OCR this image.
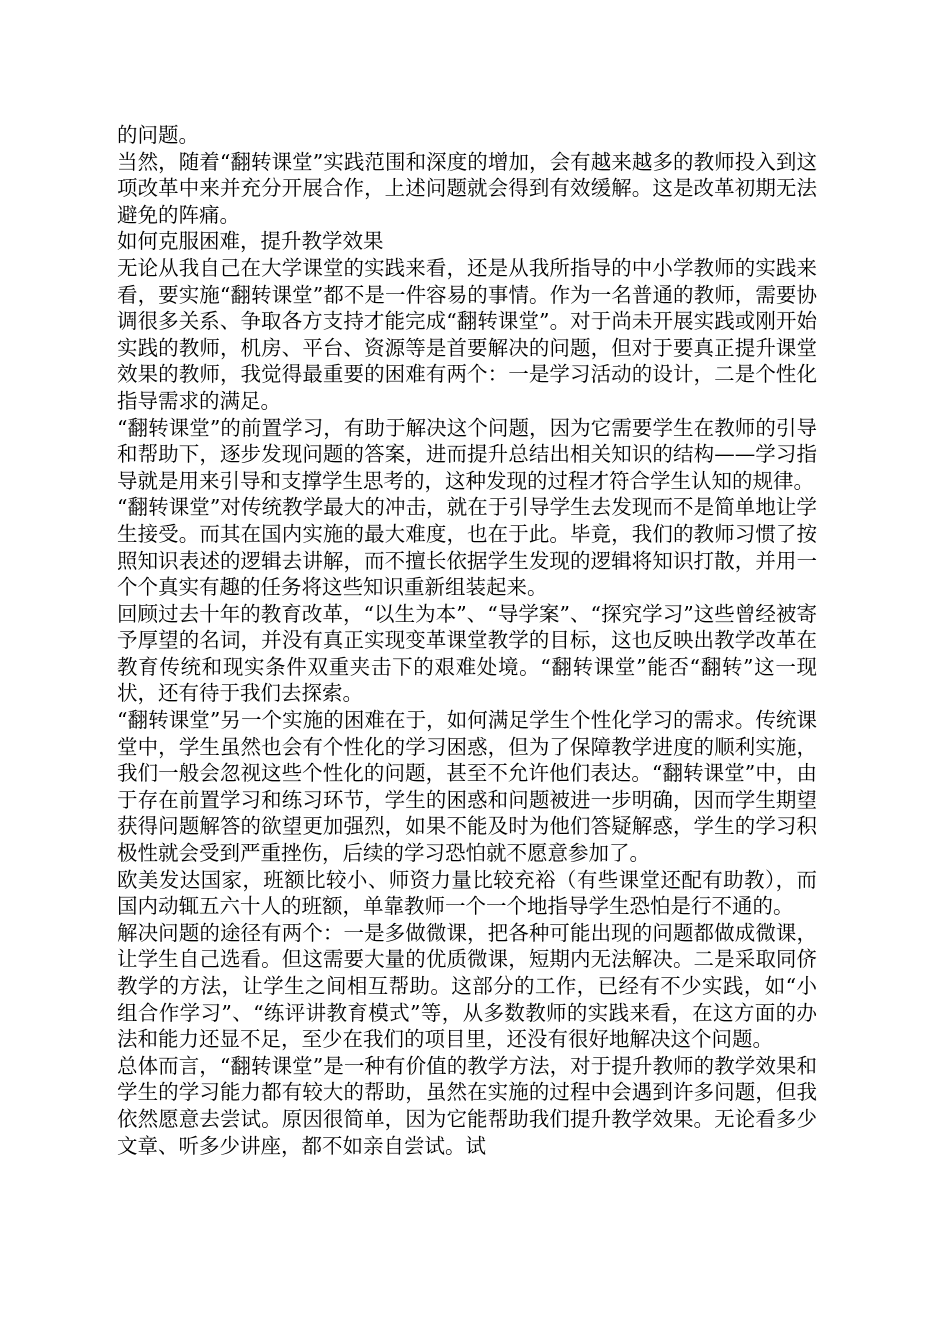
的问题。

当然，随着“翻转课堂”实践范围和深度的增加，会有越来越多的教师投入到这项改革中来并充分开展合作，上述问题就会得到有效缓解。这是改革初期无法避免的阵痛。

如何克服困难，提升教学效果

无论从我自己在大学课堂的实践来看，还是从我所指导的中小学教师的实践来看，要实施“翻转课堂”都不是一件容易的事情。作为一名普通的教师，需要协调很多关系、争取各方支持才能完成“翻转课堂”。对于尚未开展实践或刚开始实践的教师，机房、平台、资源等是首要解决的问题，但对于要真正提升课堂效果的教师，我觉得最重要的困难有两个：一是学习活动的设计，二是个性化指导需求的满足。

“翻转课堂”的前置学习，有助于解决这个问题，因为它需要学生在教师的引导和帮助下，逐步发现问题的答案，进而提升总结出相关知识的结构——学习指导就是用来引导和支撑学生思考的，这种发现的过程才符合学生认知的规律。

“翻转课堂”对传统教学最大的冲击，就在于引导学生去发现而不是简单地让学生接受。而其在国内实施的最大难度，也在于此。毕竟，我们的教师习惯了按照知识表述的逻辑去讲解，而不擅长依据学生发现的逻辑将知识打散，并用一个个真实有趣的任务将这些知识重新组装起来。

回顾过去十年的教育改革，“以生为本”、“导学案”、“探究学习”这些曾经被寄予厚望的名词，并没有真正实现变革课堂教学的目标，这也反映出教学改革在教育传统和现实条件双重夹击下的艰难处境。“翻转课堂”能否“翻转”这一现状，还有待于我们去探索。

“翻转课堂”另一个实施的困难在于，如何满足学生个性化学习的需求。传统课堂中，学生虽然也会有个性化的学习困惑，但为了保障教学进度的顺利实施，我们一般会忽视这些个性化的问题，甚至不允许他们表达。“翻转课堂”中，由于存在前置学习和练习环节，学生的困惑和问题被进一步明确，因而学生期望获得问题解答的欲望更加强烈，如果不能及时为他们答疑解惑，学生的学习积极性就会受到严重挫伤，后续的学习恐怕就不愿意参加了。

欧美发达国家，班额比较小、师资力量比较充裕（有些课堂还配有助教），而国内动辄五六十人的班额，单靠教师一个一个地指导学生恐怕是行不通的。

解决问题的途径有两个：一是多做微课，把各种可能出现的问题都做成微课，让学生自己选看。但这需要大量的优质微课，短期内无法解决。二是采取同侪教学的方法，让学生之间相互帮助。这部分的工作，已经有不少实践，如“小组合作学习”、“练评讲教育模式”等，从多数教师的实践来看，在这方面的办法和能力还显不足，至少在我们的项目里，还没有很好地解决这个问题。

总体而言，“翻转课堂”是一种有价值的教学方法，对于提升教师的教学效果和学生的学习能力都有较大的帮助，虽然在实施的过程中会遇到许多问题，但我依然愿意去尝试。原因很简单，因为它能帮助我们提升教学效果。无论看多少文章、听多少讲座，都不如亲自尝试。试
